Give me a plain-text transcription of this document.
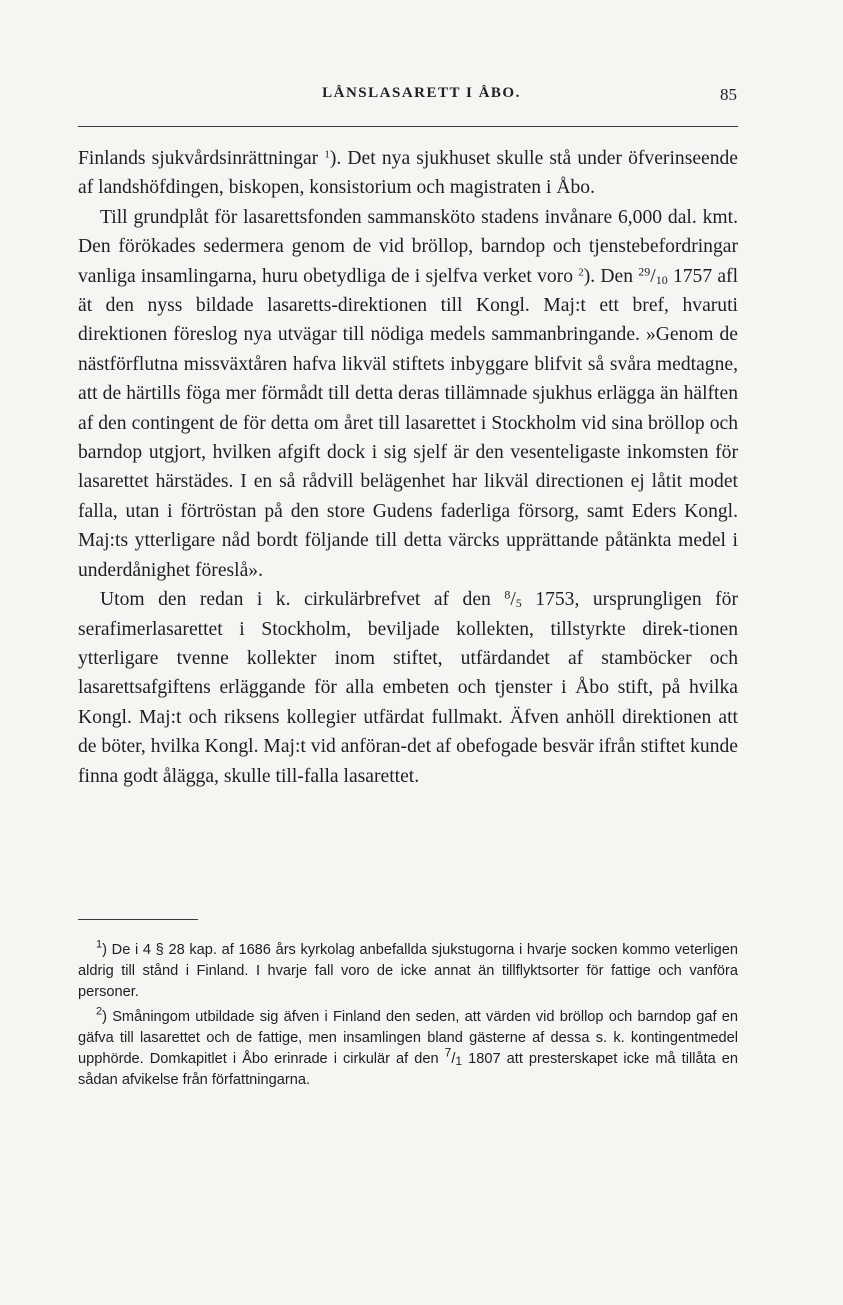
LÅNSLASARETT I ÅBO.	85

Finlands sjukvårdsinrättningar $^1$). Det nya sjukhuset skulle stå under öfverinseende af landshöfdingen, biskopen, konsistorium och magistraten i Åbo.

Till grundplåt för lasarettsfonden sammansköto stadens invånare 6,000 dal. kmt. Den förökades sedermera genom de vid bröllop, barndop och tjenstebefordringar vanliga insamlingarna, huru obetydliga de i sjelfva verket voro $^2$). Den $^{29}$/10 1757 afl ät den nyss bildade lasaretts-direktionen till Kongl. Maj:t ett bref, hvaruti direktionen föreslog nya utvägar till nödiga medels sammanbringande. »Genom de nästförflutna missväxtåren hafva likväl stiftets inbyggare blifvit så svåra medtagne, att de härtills föga mer förmådt till detta deras tillämnade sjukhus erlägga än hälften af den contingent de för detta om året till lasarettet i Stockholm vid sina bröllop och barndop utgjort, hvilken afgift dock i sig sjelf är den vesenteligaste inkomsten för lasarettet härstädes. I en så rådvill belägenhet har likväl directionen ej låtit modet falla, utan i förtröstan på den store Gudens faderliga försorg, samt Eders Kongl. Maj:ts ytterligare nåd bordt följande till detta värcks upprättande påtänkta medel i underdånighet föreslå».

Utom den redan i k. cirkulärbrefvet af den $^8$/5 1753, ursprungligen för serafimerlasarettet i Stockholm, beviljade kollekten, tillstyrkte direk-tionen ytterligare tvenne kollekter inom stiftet, utfärdandet af stamböcker och lasarettsafgiftens erläggande för alla embeten och tjenster i Åbo stift, på hvilka Kongl. Maj:t och riksens kollegier utfärdat fullmakt. Äfven anhöll direktionen att de böter, hvilka Kongl. Maj:t vid anföran-det af obefogade besvär ifrån stiftet kunde finna godt ålägga, skulle till-falla lasarettet.

$^1$) De i 4 § 28 kap. af 1686 års kyrkolag anbefallda sjukstugorna i hvarje socken kommo veterligen aldrig till stånd i Finland. I hvarje fall voro de icke annat än tillflyktsorter för fattige och vanföra personer.

$^2$) Småningom utbildade sig äfven i Finland den seden, att värden vid bröllop och barndop gaf en gäfva till lasarettet och de fattige, men insamlingen bland gästerne af dessa s. k. kontingentmedel upphörde. Domkapitlet i Åbo erinrade i cirkulär af den $^7$/1 1807 att presterskapet icke må tillåta en sådan afvikelse från författningarna.
